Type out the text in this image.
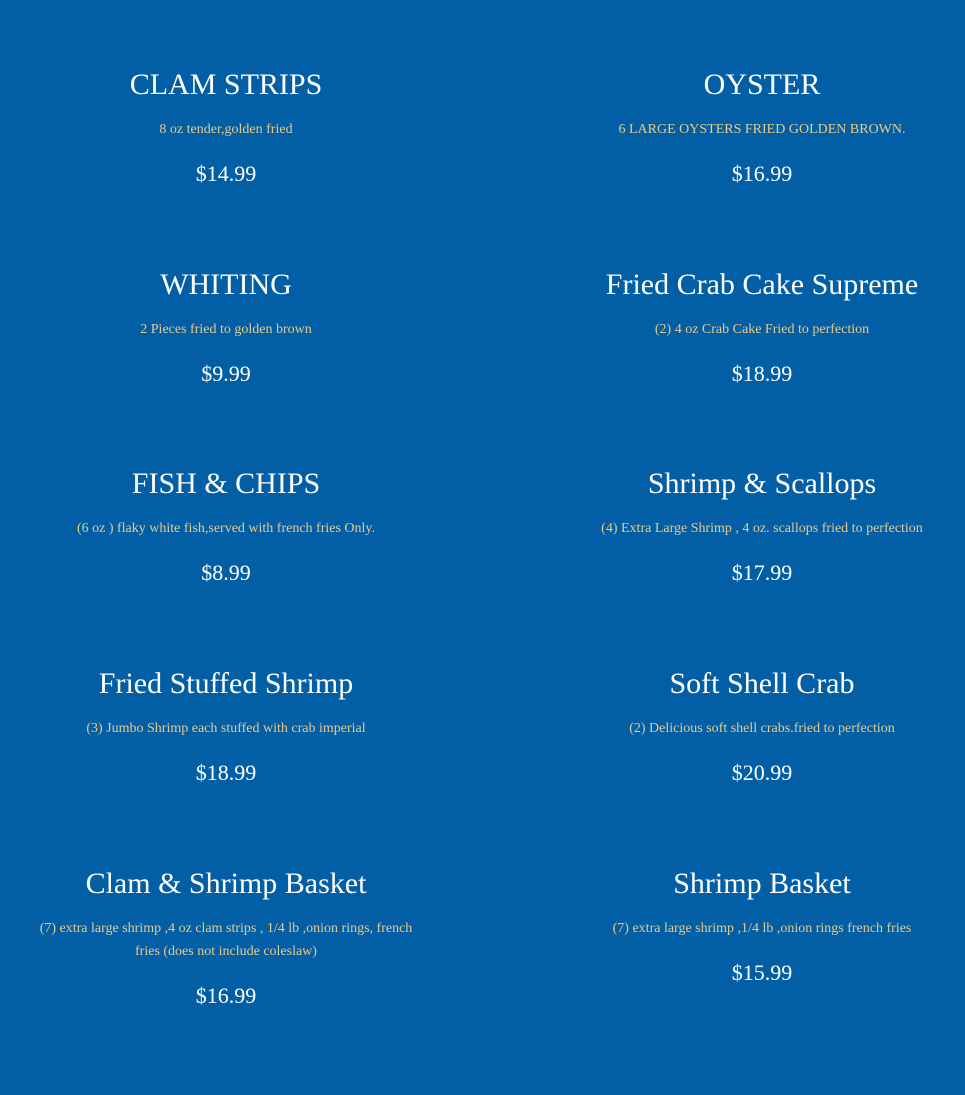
CLAM STRIPS

8 oz tender,golden fried

$14.99

OYSTER

6 LARGE OYSTERS FRIED GOLDEN BROWN.

$16.99

WHITING

2 Pieces fried to golden brown

$9.99

Fried Crab Cake Supreme

(2) 4 oz Crab Cake Fried to perfection

$18.99

FISH & CHIPS

(6 oz ) flaky white fish,served with french fries Only.

$8.99

Shrimp & Scallops

(4) Extra Large Shrimp , 4 oz. scallops fried to perfection

$17.99

Fried Stuffed Shrimp

(3) Jumbo Shrimp each stuffed with crab imperial

$18.99

Soft Shell Crab

(2) Delicious soft shell crabs.fried to perfection

$20.99

Clam & Shrimp Basket

(7) extra large shrimp ,4 oz clam strips , 1/4 lb ,onion rings, french fries (does not include coleslaw)

$16.99

Shrimp Basket

(7) extra large shrimp ,1/4 lb ,onion rings french fries

$15.99
